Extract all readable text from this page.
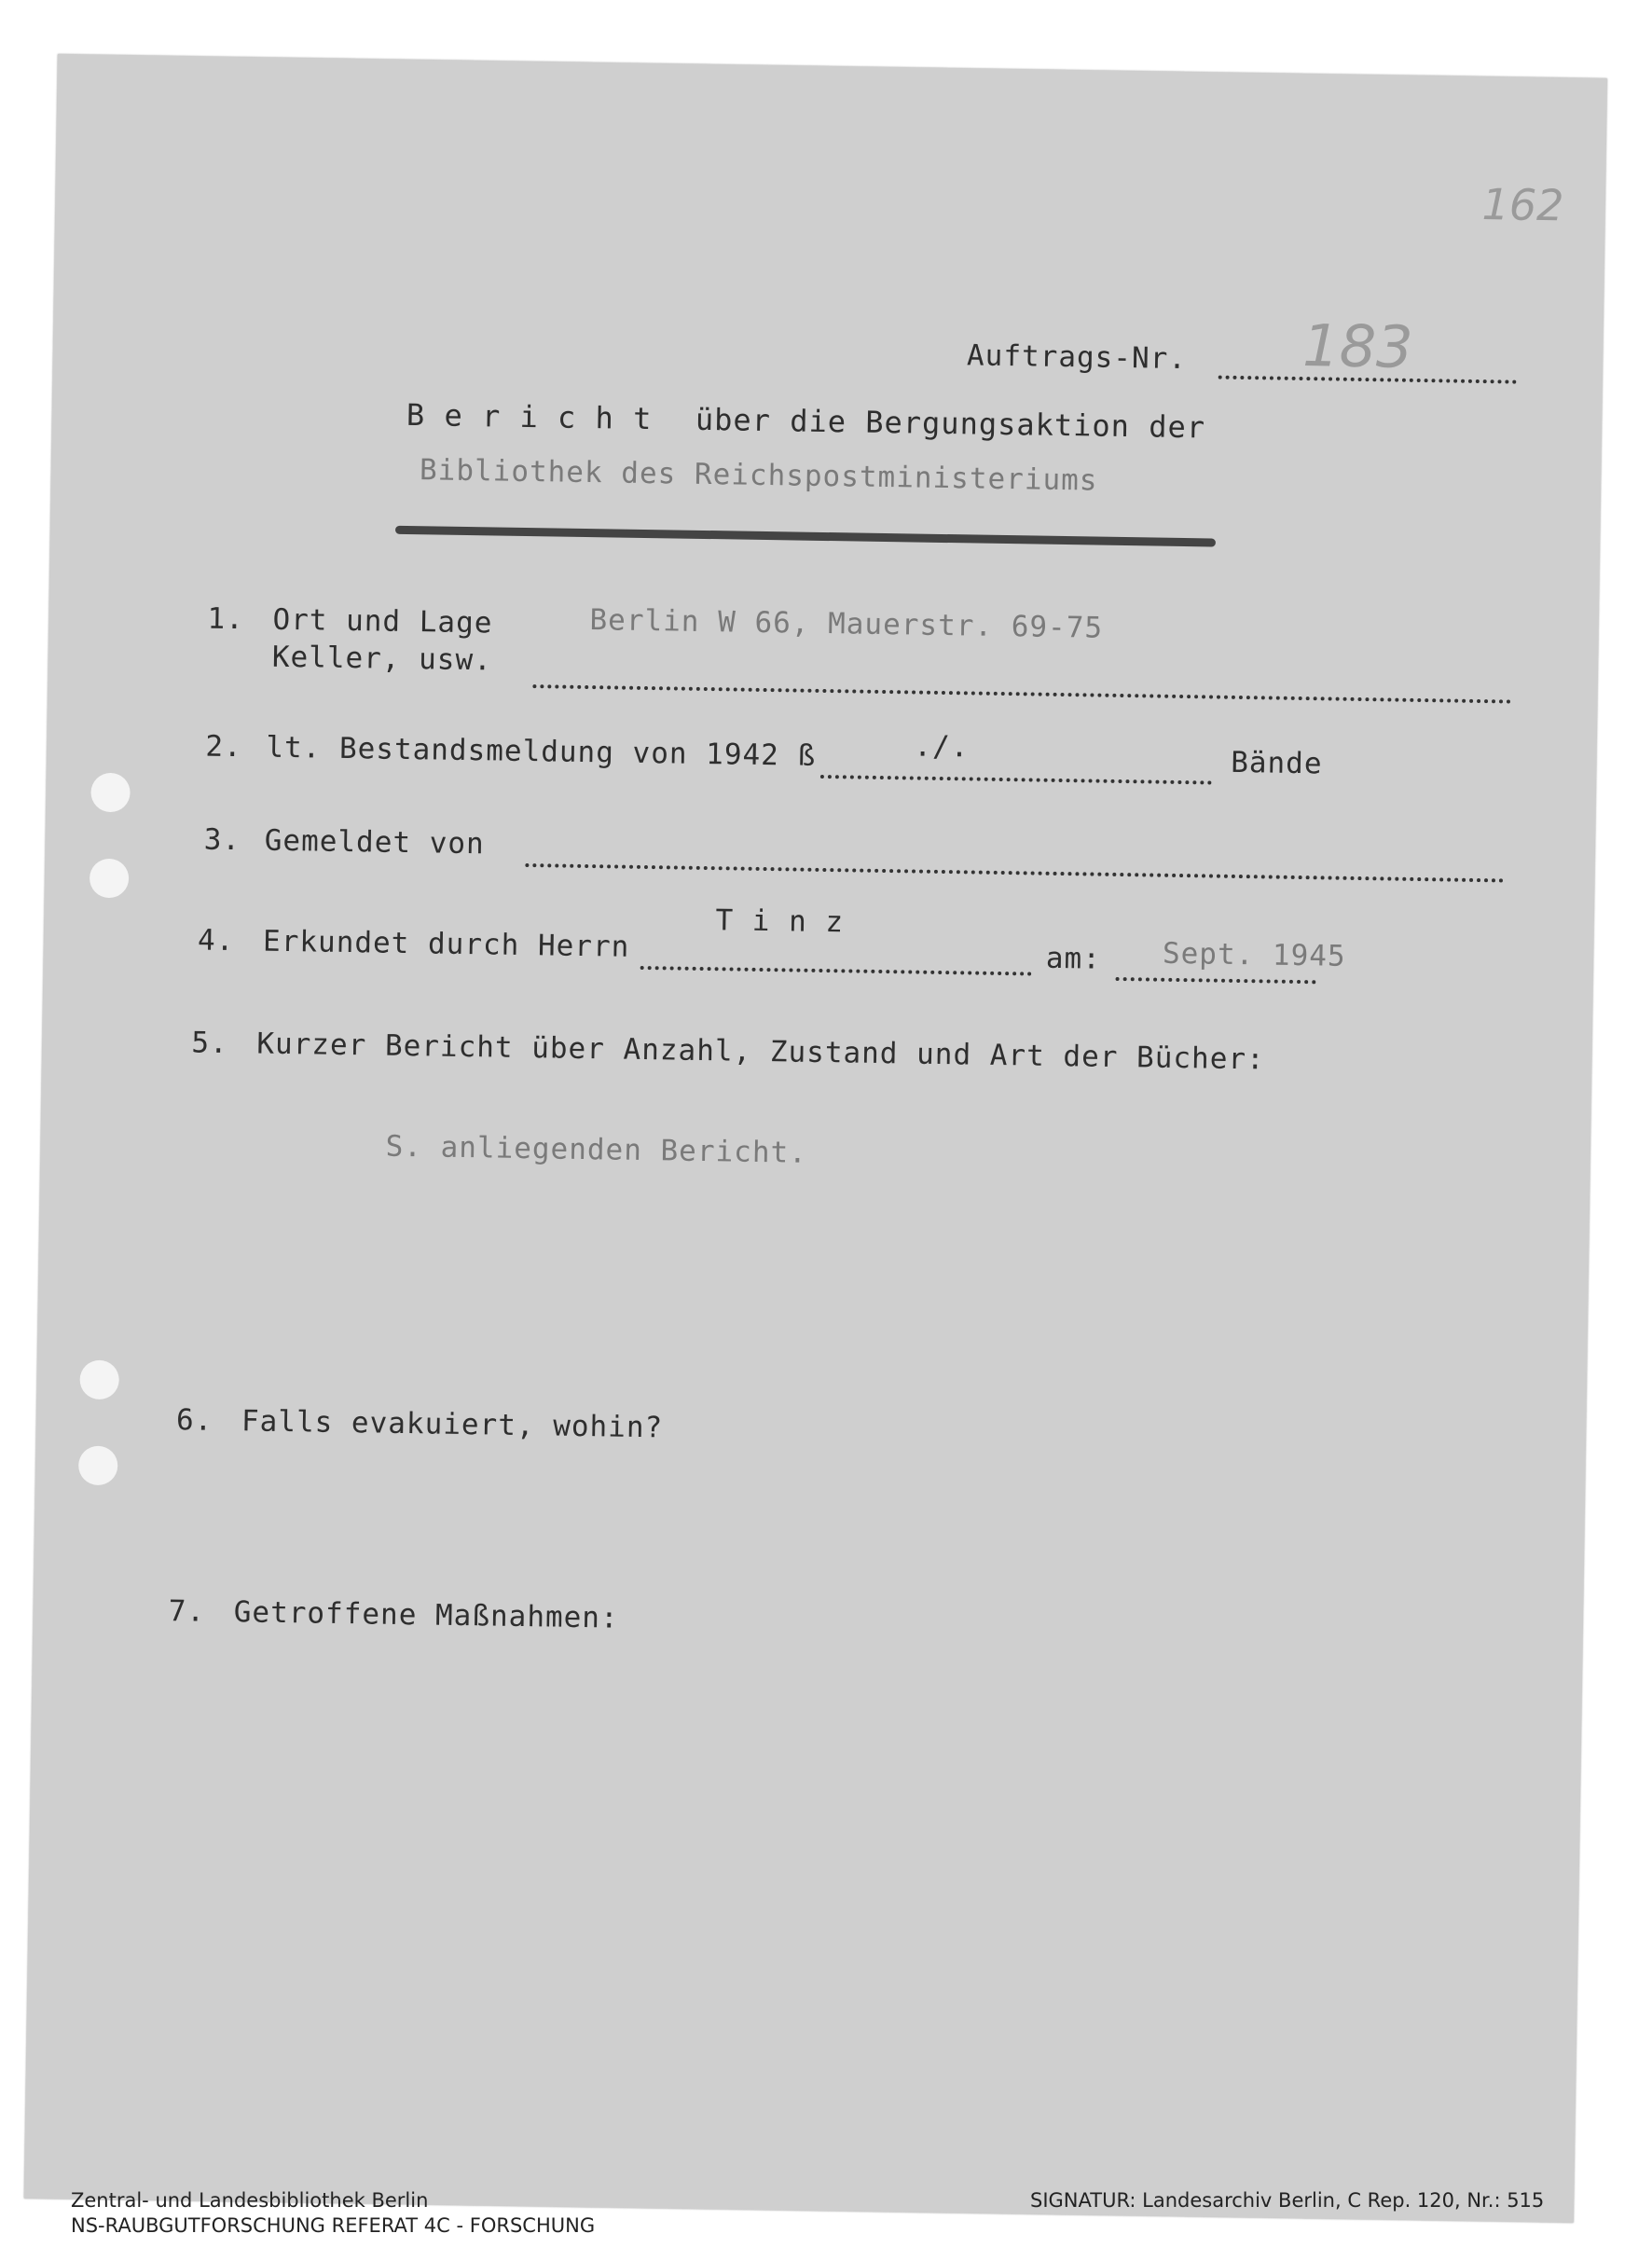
162
Auftrags-Nr. 183
B e r i c h t über die Bergungsaktion der
Bibliothek des Reichspostministeriums
1. Ort und Lage
Keller, usw.
Berlin W 66, Mauerstr. 69-75
2. lt. Bestandsmeldung von 1942 ß	./.	Bände
3. Gemeldet von
4. Erkundet durch Herrn
T i n z
am: Sept. 1945
5. Kurzer Bericht über Anzahl, Zustand und Art der Bücher:
S. anliegenden Bericht.
6. Falls evakuiert, wohin?
7. Getroffene Maßnahmen:
Zentral- und Landesbibliothek Berlin
NS-RAUBGUTFORSCHUNG REFERAT 4C - FORSCHUNG
SIGNATUR: Landesarchiv Berlin, C Rep. 120, Nr.: 515
